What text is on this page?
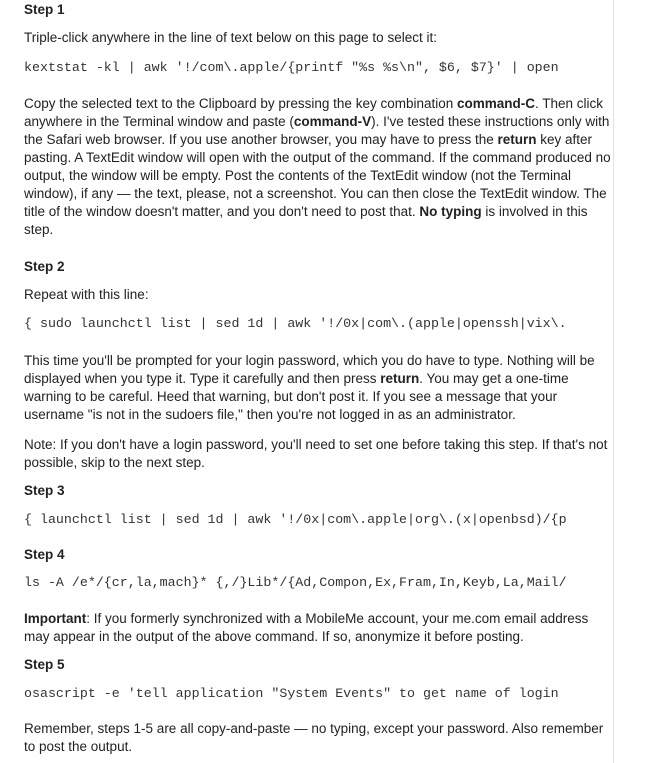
Step 1

Triple-click anywhere in the line of text below on this page to select it:

kextstat -kl | awk '!/com\.apple/{printf "%s %s\n", $6, $7}' | open

Copy the selected text to the Clipboard by pressing the key combination command-C. Then click anywhere in the Terminal window and paste (command-V). I've tested these instructions only with the Safari web browser. If you use another browser, you may have to press the return key after pasting. A TextEdit window will open with the output of the command. If the command produced no output, the window will be empty. Post the contents of the TextEdit window (not the Terminal window), if any — the text, please, not a screenshot. You can then close the TextEdit window. The title of the window doesn't matter, and you don't need to post that. No typing is involved in this step.

Step 2

Repeat with this line:

{ sudo launchctl list | sed 1d | awk '!/0x|com\.(apple|openssh|vix\.

This time you'll be prompted for your login password, which you do have to type. Nothing will be displayed when you type it. Type it carefully and then press return. You may get a one-time warning to be careful. Heed that warning, but don't post it. If you see a message that your username "is not in the sudoers file," then you're not logged in as an administrator.

Note: If you don't have a login password, you'll need to set one before taking this step. If that's not possible, skip to the next step.

Step 3

{ launchctl list | sed 1d | awk '!/0x|com\.apple|org\.(x|openbsd)/{p

Step 4

ls -A /e*/{cr,la,mach}* {,/}Lib*/{Ad,Compon,Ex,Fram,In,Keyb,La,Mail/

Important: If you formerly synchronized with a MobileMe account, your me.com email address may appear in the output of the above command. If so, anonymize it before posting.

Step 5

osascript -e 'tell application "System Events" to get name of login

Remember, steps 1-5 are all copy-and-paste — no typing, except your password. Also remember to post the output.
